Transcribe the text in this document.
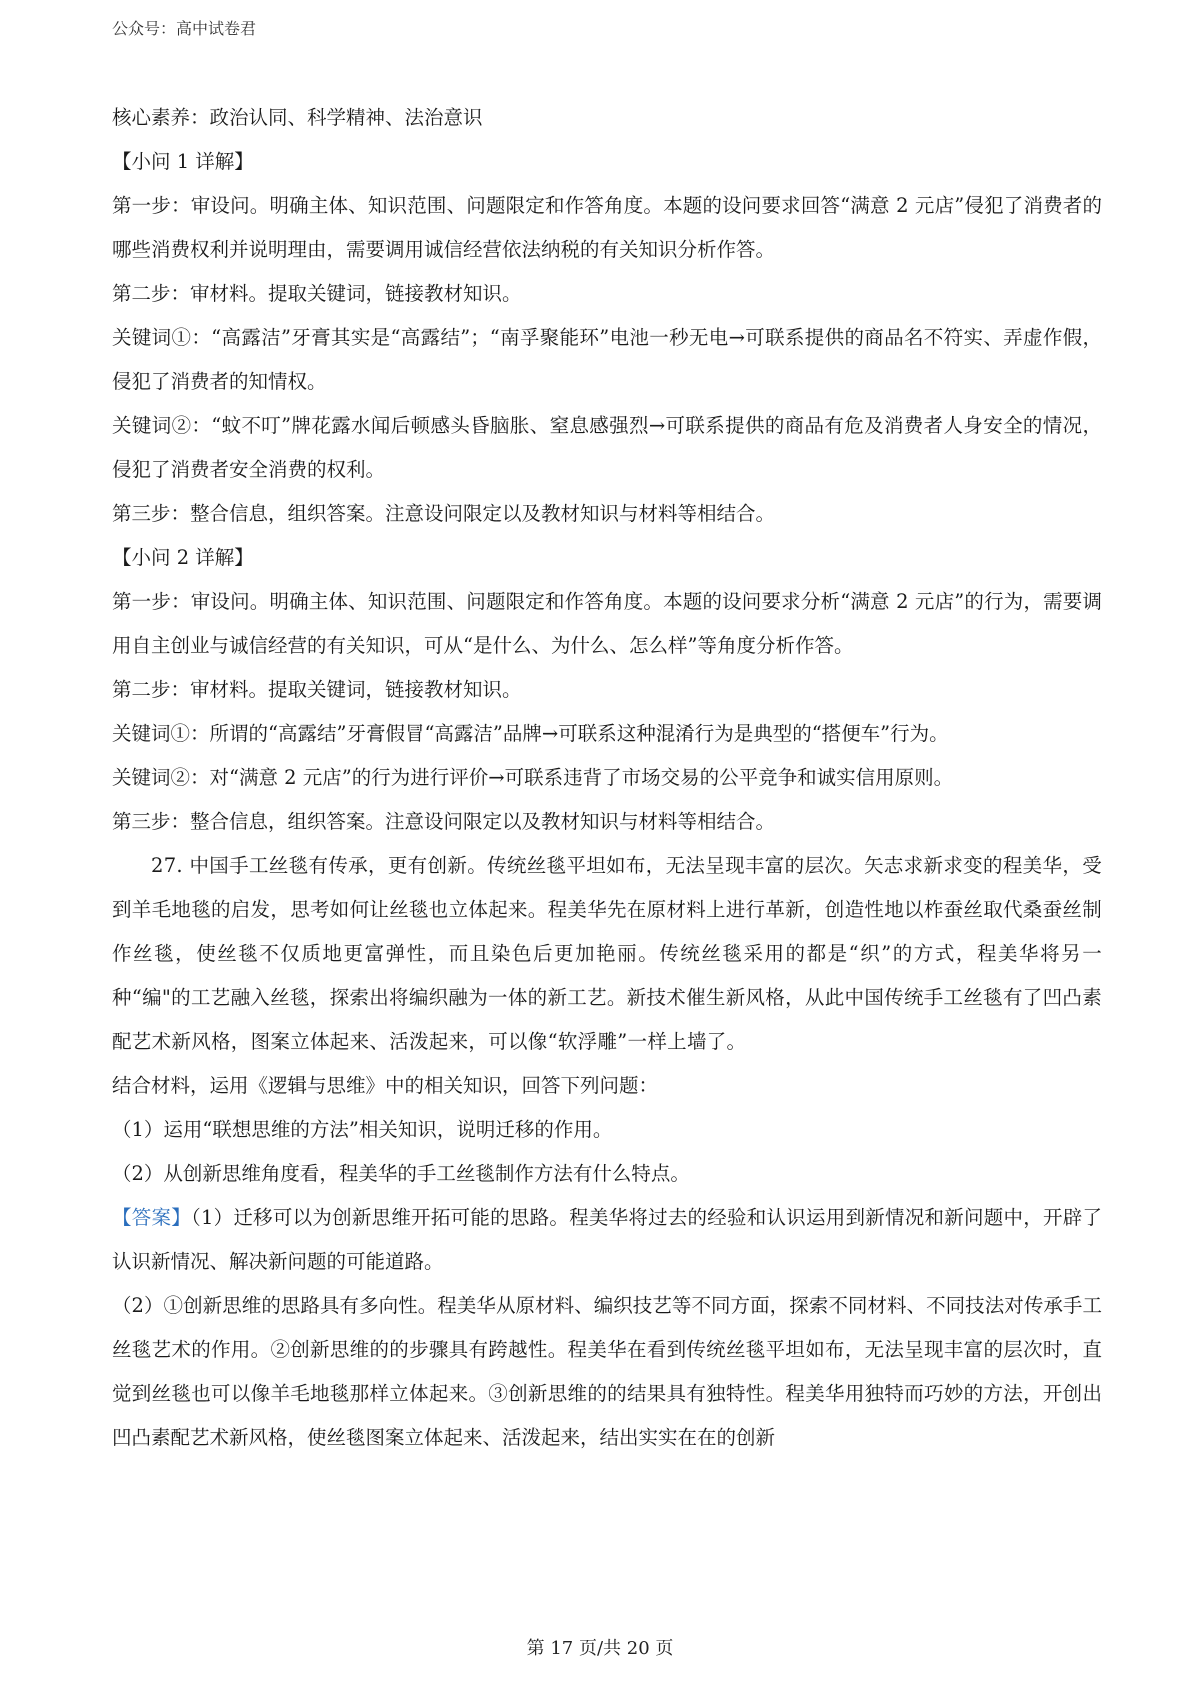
公众号：高中试卷君

核心素养：政治认同、科学精神、法治意识

【小问 1 详解】

第一步：审设问。明确主体、知识范围、问题限定和作答角度。本题的设问要求回答“满意 2 元店”侵犯了消费者的哪些消费权利并说明理由，需要调用诚信经营依法纳税的有关知识分析作答。

第二步：审材料。提取关键词，链接教材知识。

关键词①：“高露洁”牙膏其实是“高露结”；“南孚聚能环”电池一秒无电→可联系提供的商品名不符实、弄虚作假，侵犯了消费者的知情权。

关键词②：“蚊不叮”牌花露水闻后顿感头昏脑胀、窒息感强烈→可联系提供的商品有危及消费者人身安全的情况，侵犯了消费者安全消费的权利。

第三步：整合信息，组织答案。注意设问限定以及教材知识与材料等相结合。

【小问 2 详解】

第一步：审设问。明确主体、知识范围、问题限定和作答角度。本题的设问要求分析“满意 2 元店”的行为，需要调用自主创业与诚信经营的有关知识，可从“是什么、为什么、怎么样”等角度分析作答。

第二步：审材料。提取关键词，链接教材知识。

关键词①：所谓的“高露结”牙膏假冒“高露洁”品牌→可联系这种混淆行为是典型的“搭便车”行为。

关键词②：对“满意 2 元店”的行为进行评价→可联系违背了市场交易的公平竞争和诚实信用原则。

第三步：整合信息，组织答案。注意设问限定以及教材知识与材料等相结合。

27. 中国手工丝毯有传承，更有创新。传统丝毯平坦如布，无法呈现丰富的层次。矢志求新求变的程美华，受到羊毛地毯的启发，思考如何让丝毯也立体起来。程美华先在原材料上进行革新，创造性地以柞蚕丝取代桑蚕丝制作丝毯，使丝毯不仅质地更富弹性，而且染色后更加艳丽。传统丝毯采用的都是“织”的方式，程美华将另一种“编"的工艺融入丝毯，探索出将编织融为一体的新工艺。新技术催生新风格，从此中国传统手工丝毯有了凹凸素配艺术新风格，图案立体起来、活泼起来，可以像“软浮雕”一样上墙了。

结合材料，运用《逻辑与思维》中的相关知识，回答下列问题：

（1）运用“联想思维的方法”相关知识，说明迁移的作用。

（2）从创新思维角度看，程美华的手工丝毯制作方法有什么特点。

【答案】（1）迁移可以为创新思维开拓可能的思路。程美华将过去的经验和认识运用到新情况和新问题中，开辟了认识新情况、解决新问题的可能道路。

（2）①创新思维的思路具有多向性。程美华从原材料、编织技艺等不同方面，探索不同材料、不同技法对传承手工丝毯艺术的作用。②创新思维的的步骤具有跨越性。程美华在看到传统丝毯平坦如布，无法呈现丰富的层次时，直觉到丝毯也可以像羊毛地毯那样立体起来。③创新思维的的结果具有独特性。程美华用独特而巧妙的方法，开创出凹凸素配艺术新风格，使丝毯图案立体起来、活泼起来，结出实实在在的创新

第 17 页/共 20 页
